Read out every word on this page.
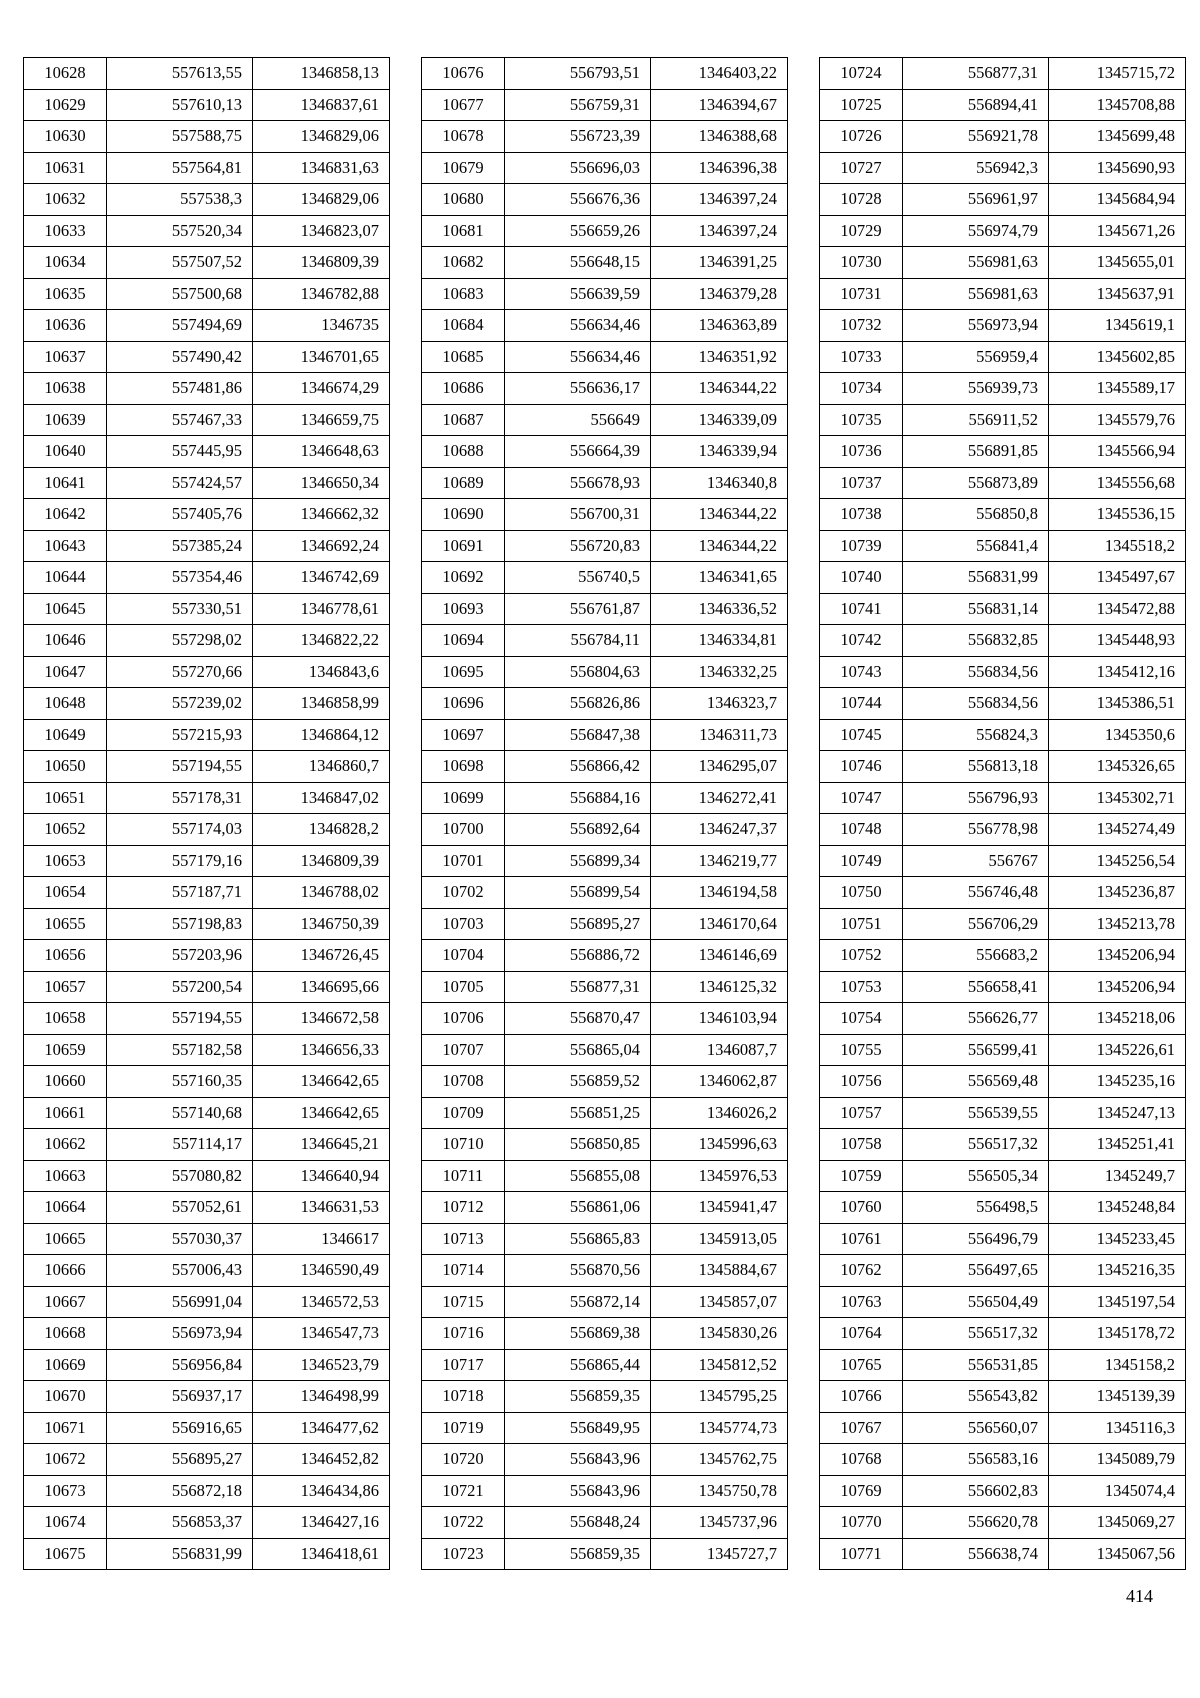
10628	557613,55	1346858,13
10629	557610,13	1346837,61
10630	557588,75	1346829,06
10631	557564,81	1346831,63
10632	557538,3	1346829,06
10633	557520,34	1346823,07
10634	557507,52	1346809,39
10635	557500,68	1346782,88
10636	557494,69	1346735
10637	557490,42	1346701,65
10638	557481,86	1346674,29
10639	557467,33	1346659,75
10640	557445,95	1346648,63
10641	557424,57	1346650,34
10642	557405,76	1346662,32
10643	557385,24	1346692,24
10644	557354,46	1346742,69
10645	557330,51	1346778,61
10646	557298,02	1346822,22
10647	557270,66	1346843,6
10648	557239,02	1346858,99
10649	557215,93	1346864,12
10650	557194,55	1346860,7
10651	557178,31	1346847,02
10652	557174,03	1346828,2
10653	557179,16	1346809,39
10654	557187,71	1346788,02
10655	557198,83	1346750,39
10656	557203,96	1346726,45
10657	557200,54	1346695,66
10658	557194,55	1346672,58
10659	557182,58	1346656,33
10660	557160,35	1346642,65
10661	557140,68	1346642,65
10662	557114,17	1346645,21
10663	557080,82	1346640,94
10664	557052,61	1346631,53
10665	557030,37	1346617
10666	557006,43	1346590,49
10667	556991,04	1346572,53
10668	556973,94	1346547,73
10669	556956,84	1346523,79
10670	556937,17	1346498,99
10671	556916,65	1346477,62
10672	556895,27	1346452,82
10673	556872,18	1346434,86
10674	556853,37	1346427,16
10675	556831,99	1346418,61
10676	556793,51	1346403,22
10677	556759,31	1346394,67
10678	556723,39	1346388,68
10679	556696,03	1346396,38
10680	556676,36	1346397,24
10681	556659,26	1346397,24
10682	556648,15	1346391,25
10683	556639,59	1346379,28
10684	556634,46	1346363,89
10685	556634,46	1346351,92
10686	556636,17	1346344,22
10687	556649	1346339,09
10688	556664,39	1346339,94
10689	556678,93	1346340,8
10690	556700,31	1346344,22
10691	556720,83	1346344,22
10692	556740,5	1346341,65
10693	556761,87	1346336,52
10694	556784,11	1346334,81
10695	556804,63	1346332,25
10696	556826,86	1346323,7
10697	556847,38	1346311,73
10698	556866,42	1346295,07
10699	556884,16	1346272,41
10700	556892,64	1346247,37
10701	556899,34	1346219,77
10702	556899,54	1346194,58
10703	556895,27	1346170,64
10704	556886,72	1346146,69
10705	556877,31	1346125,32
10706	556870,47	1346103,94
10707	556865,04	1346087,7
10708	556859,52	1346062,87
10709	556851,25	1346026,2
10710	556850,85	1345996,63
10711	556855,08	1345976,53
10712	556861,06	1345941,47
10713	556865,83	1345913,05
10714	556870,56	1345884,67
10715	556872,14	1345857,07
10716	556869,38	1345830,26
10717	556865,44	1345812,52
10718	556859,35	1345795,25
10719	556849,95	1345774,73
10720	556843,96	1345762,75
10721	556843,96	1345750,78
10722	556848,24	1345737,96
10723	556859,35	1345727,7
10724	556877,31	1345715,72
10725	556894,41	1345708,88
10726	556921,78	1345699,48
10727	556942,3	1345690,93
10728	556961,97	1345684,94
10729	556974,79	1345671,26
10730	556981,63	1345655,01
10731	556981,63	1345637,91
10732	556973,94	1345619,1
10733	556959,4	1345602,85
10734	556939,73	1345589,17
10735	556911,52	1345579,76
10736	556891,85	1345566,94
10737	556873,89	1345556,68
10738	556850,8	1345536,15
10739	556841,4	1345518,2
10740	556831,99	1345497,67
10741	556831,14	1345472,88
10742	556832,85	1345448,93
10743	556834,56	1345412,16
10744	556834,56	1345386,51
10745	556824,3	1345350,6
10746	556813,18	1345326,65
10747	556796,93	1345302,71
10748	556778,98	1345274,49
10749	556767	1345256,54
10750	556746,48	1345236,87
10751	556706,29	1345213,78
10752	556683,2	1345206,94
10753	556658,41	1345206,94
10754	556626,77	1345218,06
10755	556599,41	1345226,61
10756	556569,48	1345235,16
10757	556539,55	1345247,13
10758	556517,32	1345251,41
10759	556505,34	1345249,7
10760	556498,5	1345248,84
10761	556496,79	1345233,45
10762	556497,65	1345216,35
10763	556504,49	1345197,54
10764	556517,32	1345178,72
10765	556531,85	1345158,2
10766	556543,82	1345139,39
10767	556560,07	1345116,3
10768	556583,16	1345089,79
10769	556602,83	1345074,4
10770	556620,78	1345069,27
10771	556638,74	1345067,56
414
